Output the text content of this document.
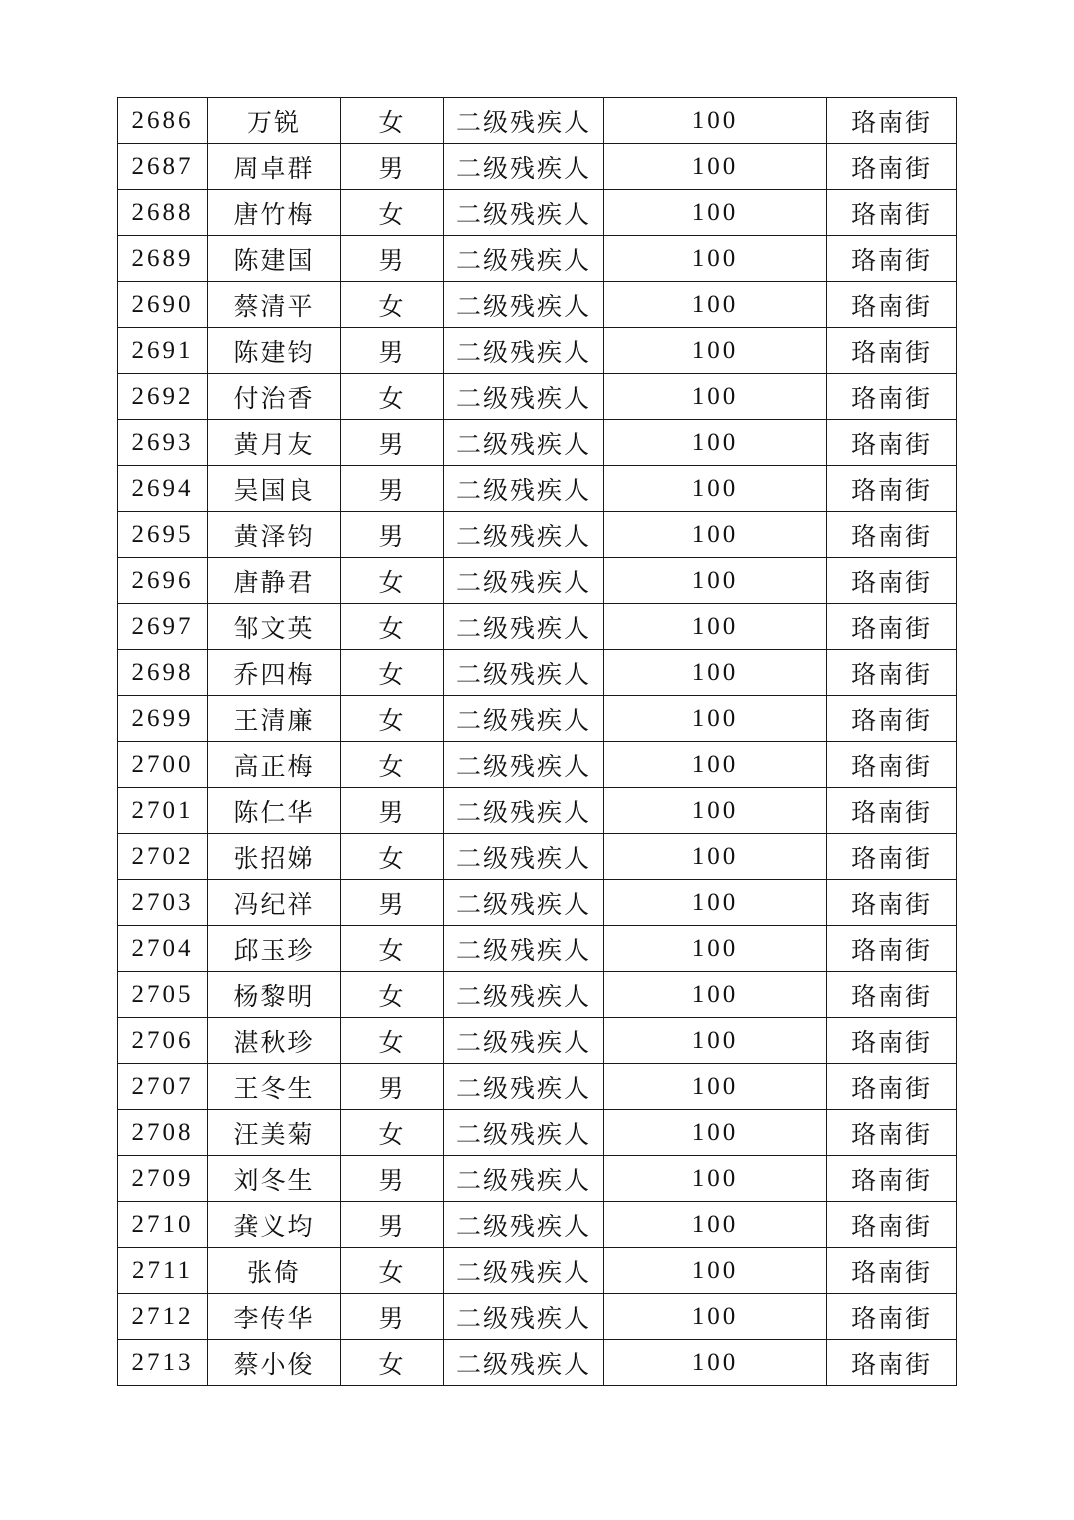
2686	万锐	女	二级残疾人	100	珞南街
2687	周卓群	男	二级残疾人	100	珞南街
2688	唐竹梅	女	二级残疾人	100	珞南街
2689	陈建国	男	二级残疾人	100	珞南街
2690	蔡清平	女	二级残疾人	100	珞南街
2691	陈建钧	男	二级残疾人	100	珞南街
2692	付治香	女	二级残疾人	100	珞南街
2693	黄月友	男	二级残疾人	100	珞南街
2694	吴国良	男	二级残疾人	100	珞南街
2695	黄泽钧	男	二级残疾人	100	珞南街
2696	唐静君	女	二级残疾人	100	珞南街
2697	邹文英	女	二级残疾人	100	珞南街
2698	乔四梅	女	二级残疾人	100	珞南街
2699	王清廉	女	二级残疾人	100	珞南街
2700	高正梅	女	二级残疾人	100	珞南街
2701	陈仁华	男	二级残疾人	100	珞南街
2702	张招娣	女	二级残疾人	100	珞南街
2703	冯纪祥	男	二级残疾人	100	珞南街
2704	邱玉珍	女	二级残疾人	100	珞南街
2705	杨黎明	女	二级残疾人	100	珞南街
2706	湛秋珍	女	二级残疾人	100	珞南街
2707	王冬生	男	二级残疾人	100	珞南街
2708	汪美菊	女	二级残疾人	100	珞南街
2709	刘冬生	男	二级残疾人	100	珞南街
2710	龚义均	男	二级残疾人	100	珞南街
2711	张倚	女	二级残疾人	100	珞南街
2712	李传华	男	二级残疾人	100	珞南街
2713	蔡小俊	女	二级残疾人	100	珞南街
